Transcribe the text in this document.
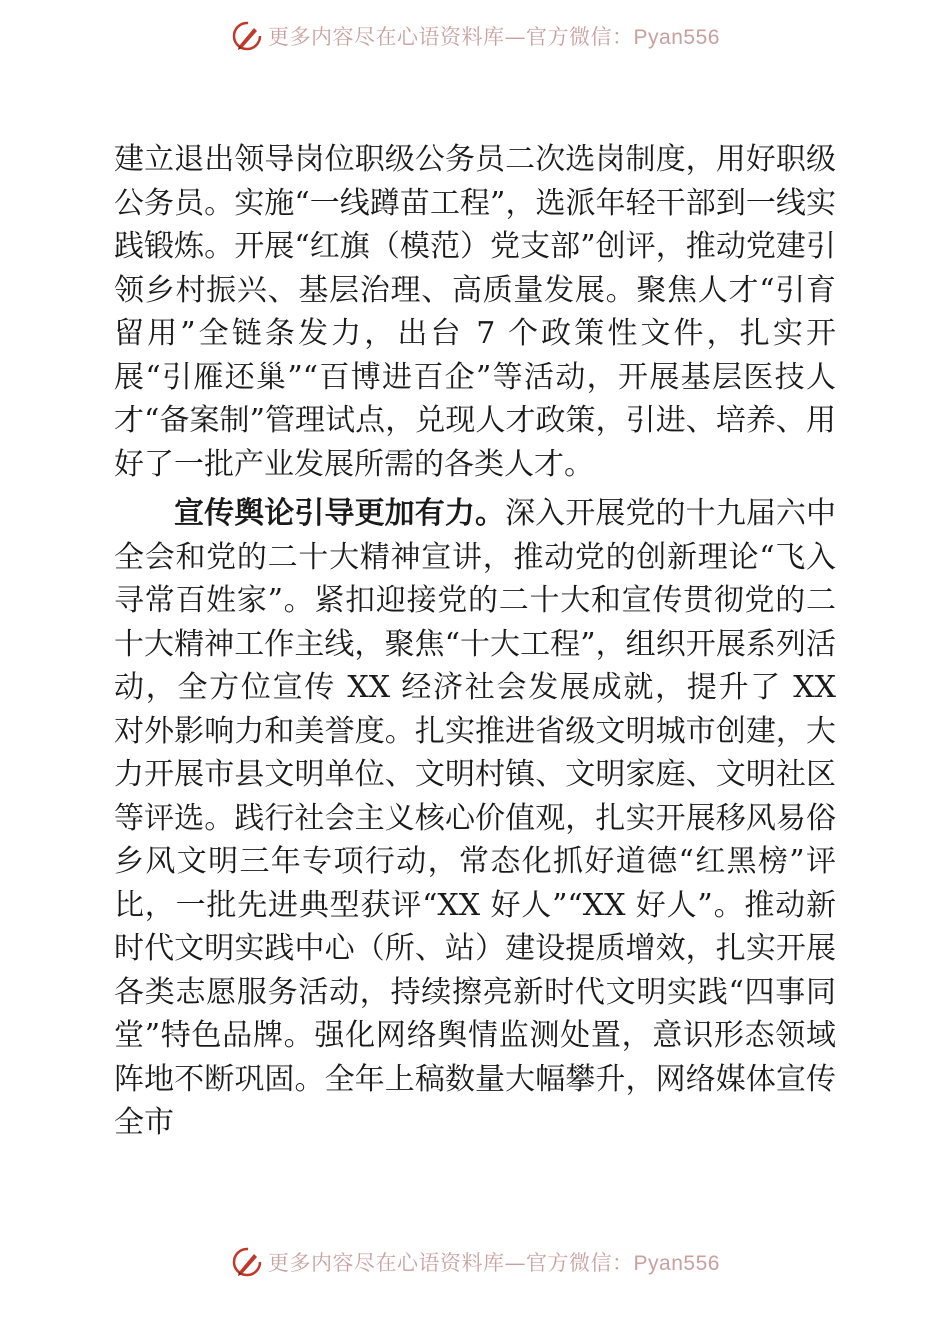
更多内容尽在心语资料库—官方微信：Pyan556

建立退出领导岗位职级公务员二次选岗制度，用好职级公务员。实施“一线蹲苗工程”，选派年轻干部到一线实践锻炼。开展“红旗（模范）党支部”创评，推动党建引领乡村振兴、基层治理、高质量发展。聚焦人才“引育留用”全链条发力，出台 7 个政策性文件，扎实开展“引雁还巢”“百博进百企”等活动，开展基层医技人才“备案制”管理试点，兑现人才政策，引进、培养、用好了一批产业发展所需的各类人才。

宣传舆论引导更加有力。深入开展党的十九届六中全会和党的二十大精神宣讲，推动党的创新理论“飞入寻常百姓家”。紧扣迎接党的二十大和宣传贯彻党的二十大精神工作主线，聚焦“十大工程”，组织开展系列活动，全方位宣传 XX 经济社会发展成就，提升了 XX 对外影响力和美誉度。扎实推进省级文明城市创建，大力开展市县文明单位、文明村镇、文明家庭、文明社区等评选。践行社会主义核心价值观，扎实开展移风易俗乡风文明三年专项行动，常态化抓好道德“红黑榜”评比，一批先进典型获评“XX 好人”“XX 好人”。推动新时代文明实践中心（所、站）建设提质增效，扎实开展各类志愿服务活动，持续擦亮新时代文明实践“四事同堂”特色品牌。强化网络舆情监测处置，意识形态领域阵地不断巩固。全年上稿数量大幅攀升，网络媒体宣传全市

更多内容尽在心语资料库—官方微信：Pyan556
